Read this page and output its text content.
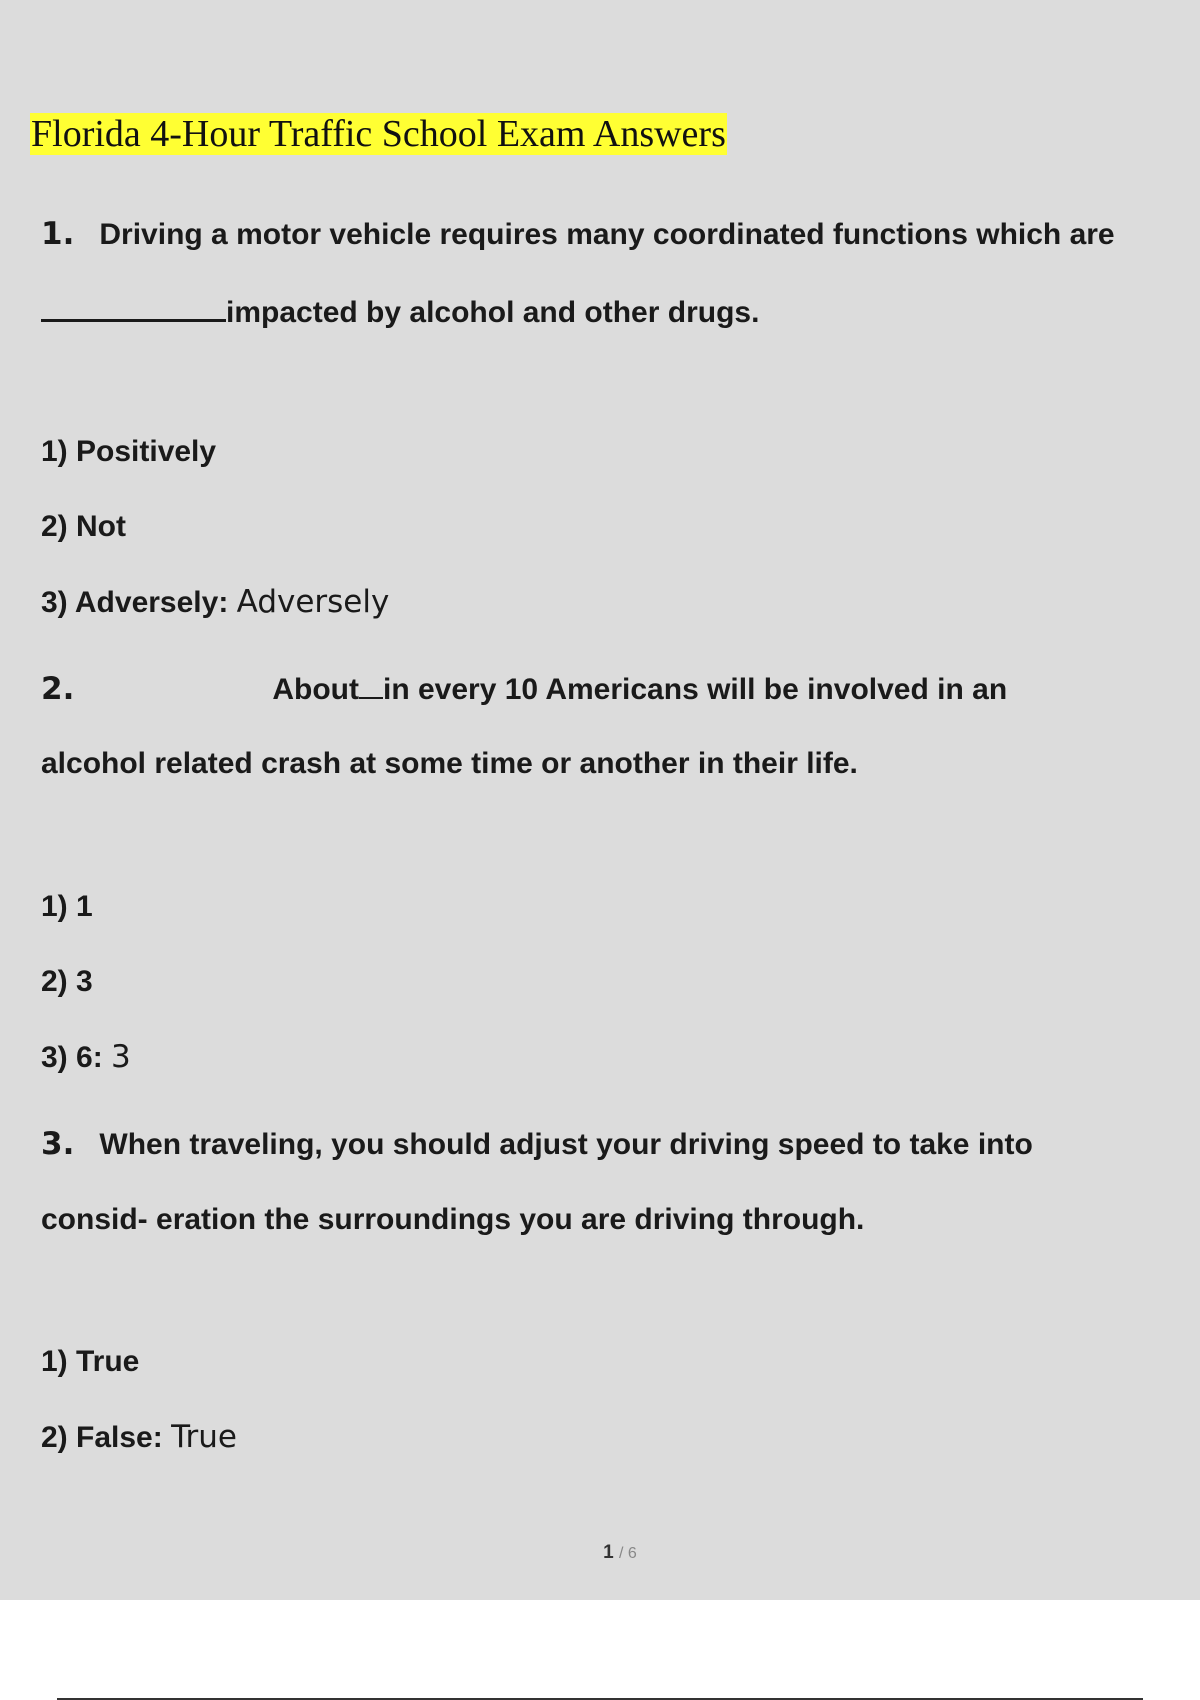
Florida 4-Hour Traffic School Exam Answers
1. Driving a motor vehicle requires many coordinated functions which are
impacted by alcohol and other drugs.
1) Positively
2) Not
3) Adversely: Adversely
2.	About in every 10 Americans will be involved in an
alcohol related crash at some time or another in their life.
1) 1
2) 3
3) 6: 3
3. When traveling, you should adjust your driving speed to take into
consid- eration the surroundings you are driving through.
1) True
2) False: True
1 / 6
